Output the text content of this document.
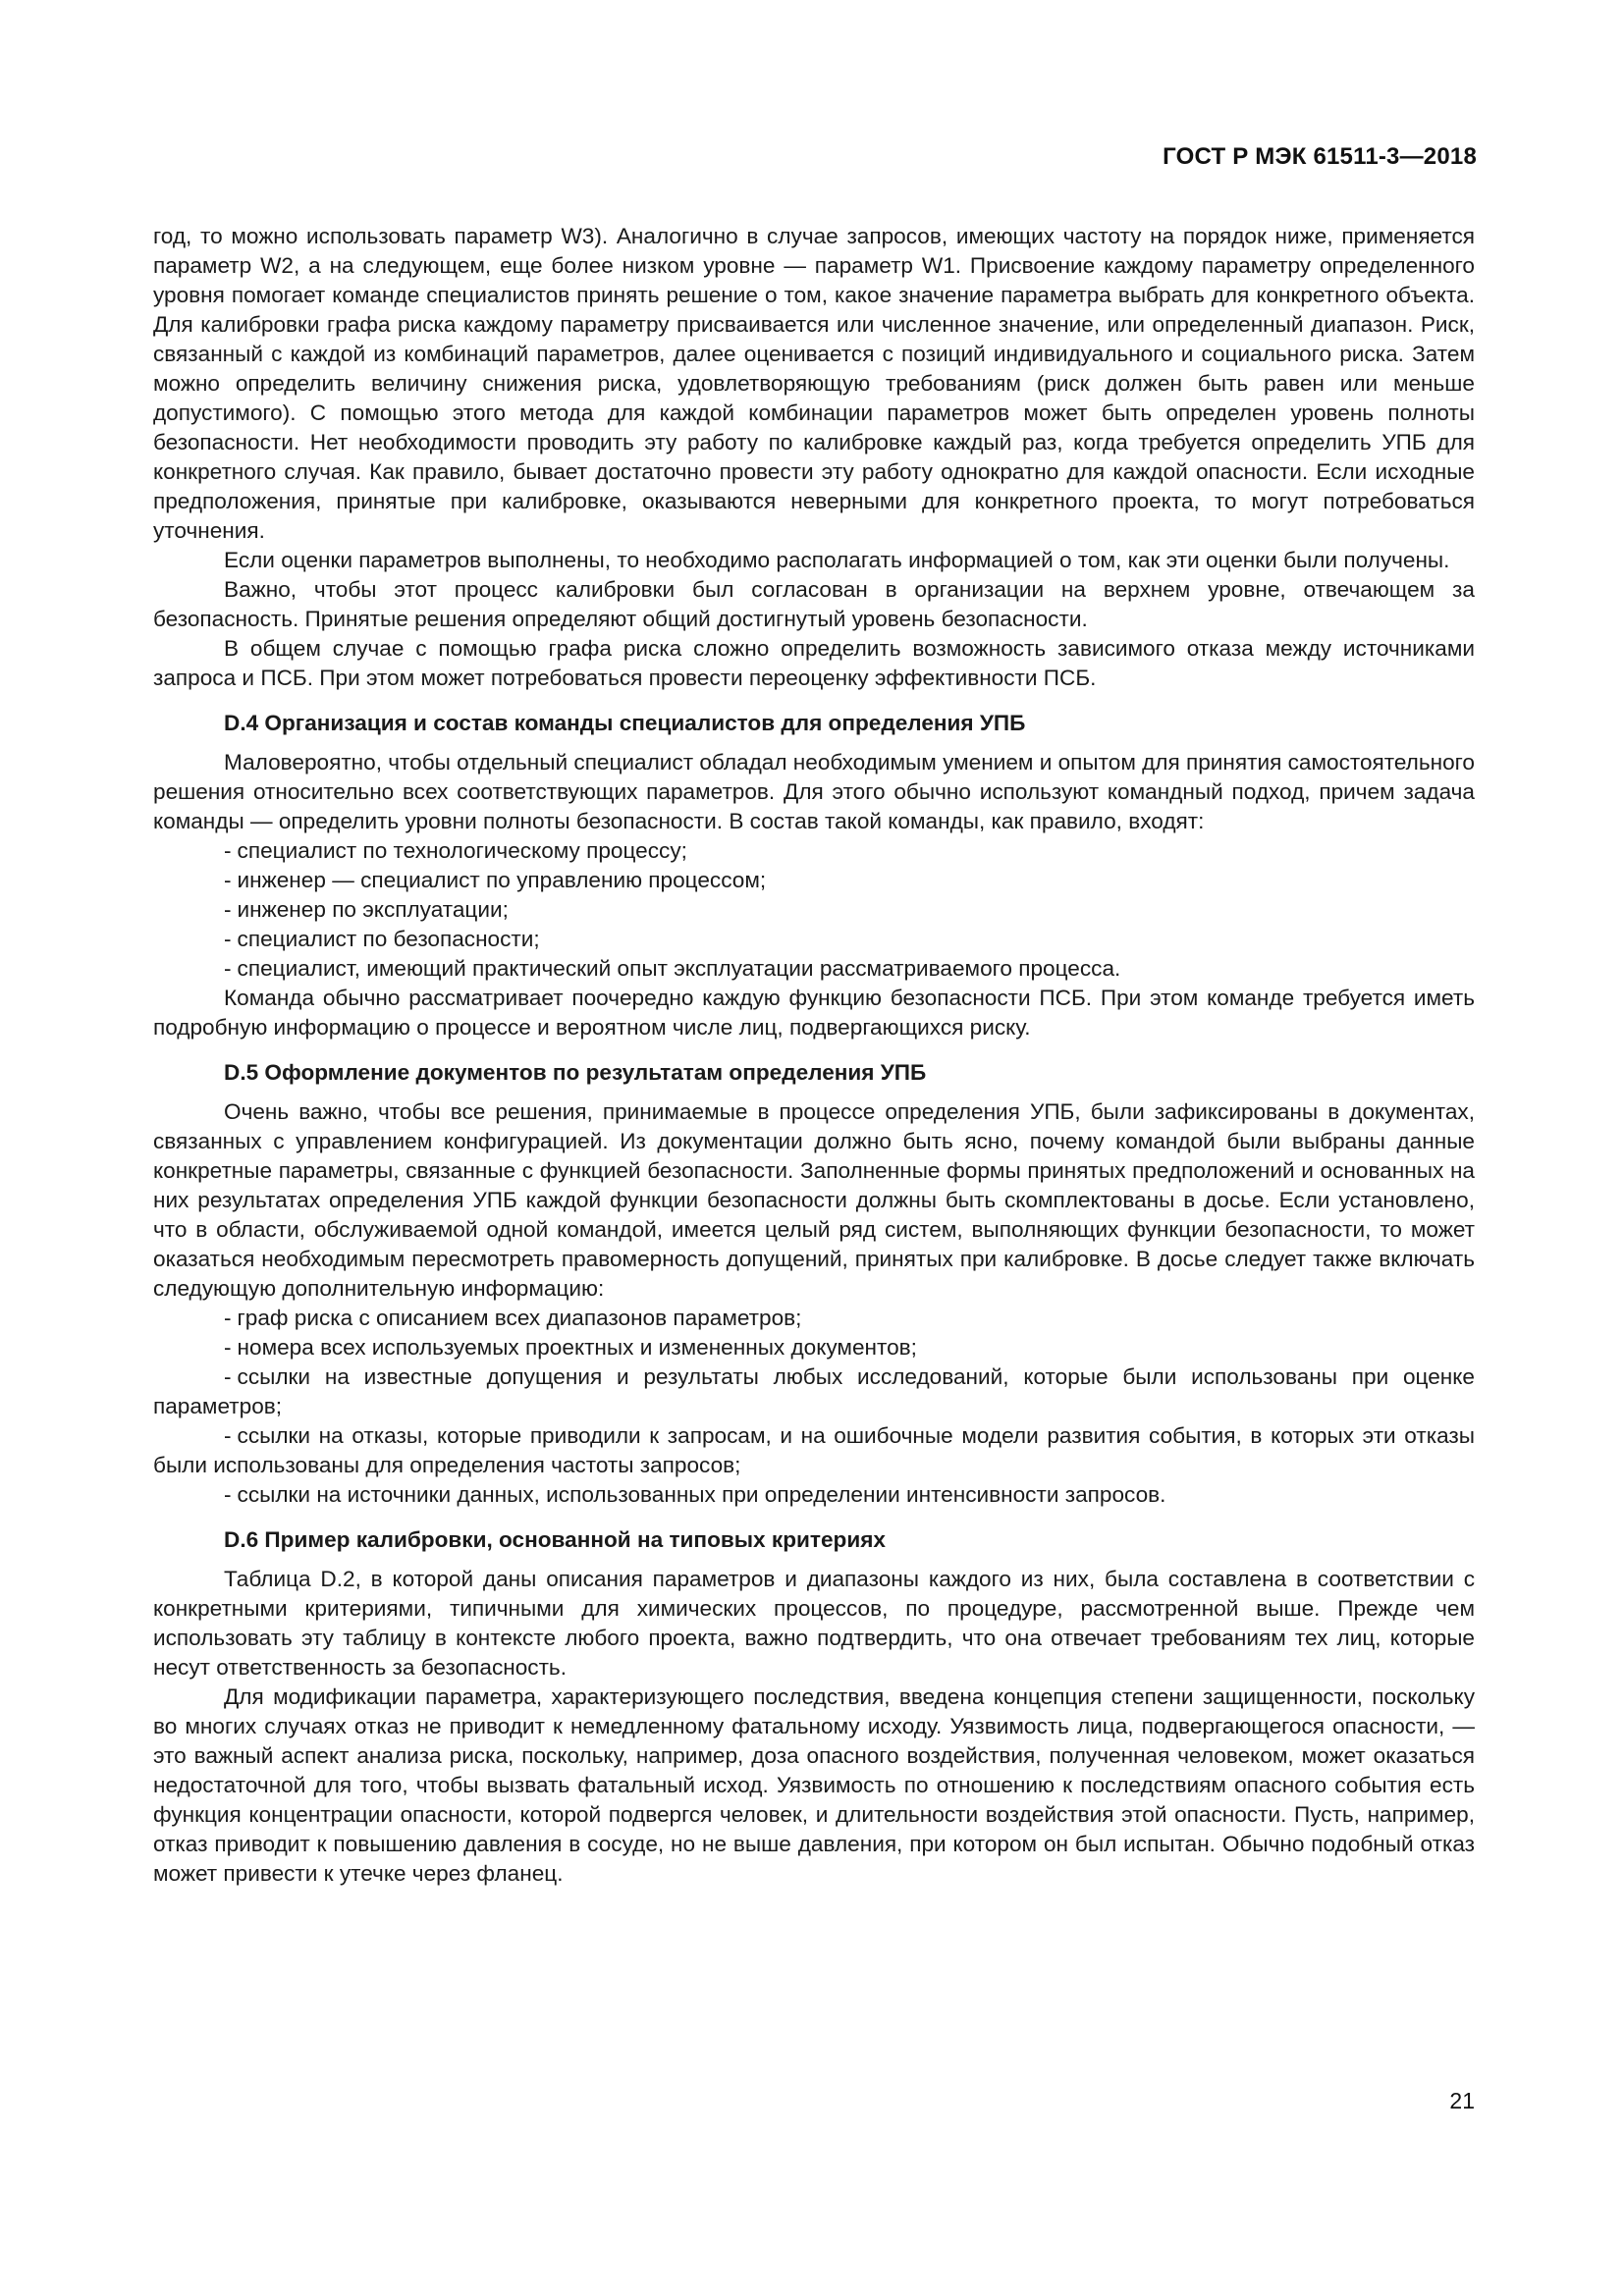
ГОСТ Р МЭК 61511-3—2018

год, то можно использовать параметр W3). Аналогично в случае запросов, имеющих частоту на порядок ниже, применяется параметр W2, а на следующем, еще более низком уровне — параметр W1. Присвоение каждому параметру определенного уровня помогает команде специалистов принять решение о том, какое значение параметра выбрать для конкретного объекта. Для калибровки графа риска каждому параметру присваивается или численное значение, или определенный диапазон. Риск, связанный с каждой из комбинаций параметров, далее оценивается с позиций индивидуального и социального риска. Затем можно определить величину снижения риска, удовлетворяющую требованиям (риск должен быть равен или меньше допустимого). С помощью этого метода для каждой комбинации параметров может быть определен уровень полноты безопасности. Нет необходимости проводить эту работу по калибровке каждый раз, когда требуется определить УПБ для конкретного случая. Как правило, бывает достаточно провести эту работу однократно для каждой опасности. Если исходные предположения, принятые при калибровке, оказываются неверными для конкретного проекта, то могут потребоваться уточнения.

Если оценки параметров выполнены, то необходимо располагать информацией о том, как эти оценки были получены.

Важно, чтобы этот процесс калибровки был согласован в организации на верхнем уровне, отвечающем за безопасность. Принятые решения определяют общий достигнутый уровень безопасности.

В общем случае с помощью графа риска сложно определить возможность зависимого отказа между источниками запроса и ПСБ. При этом может потребоваться провести переоценку эффективности ПСБ.

D.4 Организация и состав команды специалистов для определения УПБ

Маловероятно, чтобы отдельный специалист обладал необходимым умением и опытом для принятия самостоятельного решения относительно всех соответствующих параметров. Для этого обычно используют командный подход, причем задача команды — определить уровни полноты безопасности. В состав такой команды, как правило, входят:

- специалист по технологическому процессу;
- инженер — специалист по управлению процессом;
- инженер по эксплуатации;
- специалист по безопасности;
- специалист, имеющий практический опыт эксплуатации рассматриваемого процесса.

Команда обычно рассматривает поочередно каждую функцию безопасности ПСБ. При этом команде требуется иметь подробную информацию о процессе и вероятном числе лиц, подвергающихся риску.

D.5 Оформление документов по результатам определения УПБ

Очень важно, чтобы все решения, принимаемые в процессе определения УПБ, были зафиксированы в документах, связанных с управлением конфигурацией. Из документации должно быть ясно, почему командой были выбраны данные конкретные параметры, связанные с функцией безопасности. Заполненные формы принятых предположений и основанных на них результатах определения УПБ каждой функции безопасности должны быть скомплектованы в досье. Если установлено, что в области, обслуживаемой одной командой, имеется целый ряд систем, выполняющих функции безопасности, то может оказаться необходимым пересмотреть правомерность допущений, принятых при калибровке. В досье следует также включать следующую дополнительную информацию:

- граф риска с описанием всех диапазонов параметров;
- номера всех используемых проектных и измененных документов;
- ссылки на известные допущения и результаты любых исследований, которые были использованы при оценке параметров;
- ссылки на отказы, которые приводили к запросам, и на ошибочные модели развития события, в которых эти отказы были использованы для определения частоты запросов;
- ссылки на источники данных, использованных при определении интенсивности запросов.
D.6 Пример калибровки, основанной на типовых критериях

Таблица D.2, в которой даны описания параметров и диапазоны каждого из них, была составлена в соответствии с конкретными критериями, типичными для химических процессов, по процедуре, рассмотренной выше. Прежде чем использовать эту таблицу в контексте любого проекта, важно подтвердить, что она отвечает требованиям тех лиц, которые несут ответственность за безопасность.

Для модификации параметра, характеризующего последствия, введена концепция степени защищенности, поскольку во многих случаях отказ не приводит к немедленному фатальному исходу. Уязвимость лица, подвергающегося опасности, — это важный аспект анализа риска, поскольку, например, доза опасного воздействия, полученная человеком, может оказаться недостаточной для того, чтобы вызвать фатальный исход. Уязвимость по отношению к последствиям опасного события есть функция концентрации опасности, которой подвергся человек, и длительности воздействия этой опасности. Пусть, например, отказ приводит к повышению давления в сосуде, но не выше давления, при котором он был испытан. Обычно подобный отказ может привести к утечке через фланец.

21
